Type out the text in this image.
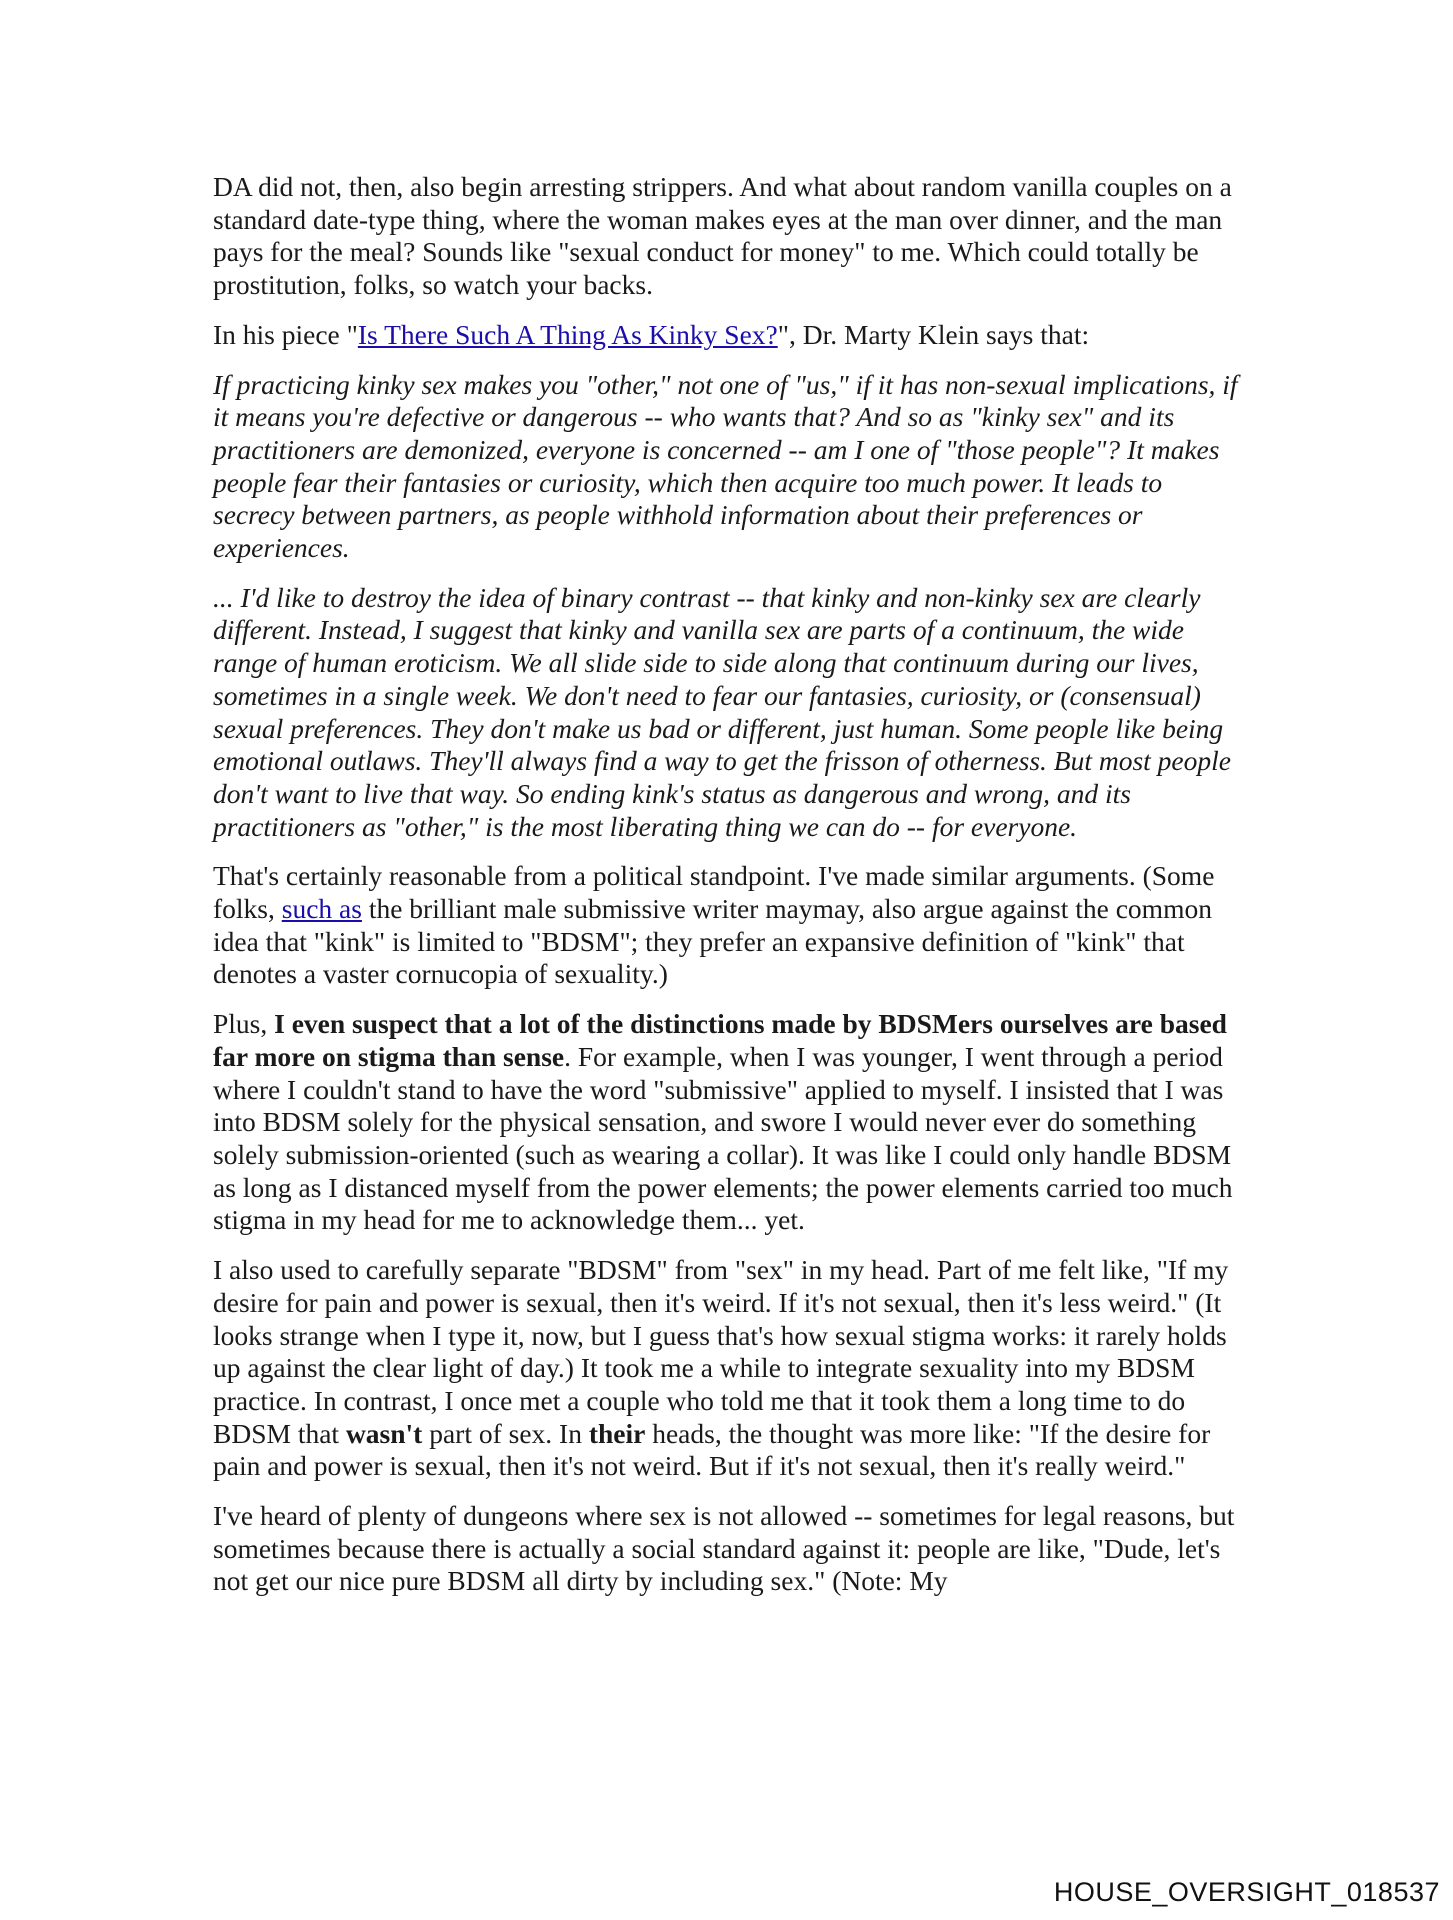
DA did not, then, also begin arresting strippers. And what about random vanilla couples on a standard date-type thing, where the woman makes eyes at the man over dinner, and the man pays for the meal? Sounds like "sexual conduct for money" to me. Which could totally be prostitution, folks, so watch your backs.

In his piece "Is There Such A Thing As Kinky Sex?", Dr. Marty Klein says that:

If practicing kinky sex makes you "other," not one of "us," if it has non-sexual implications, if it means you're defective or dangerous -- who wants that? And so as "kinky sex" and its practitioners are demonized, everyone is concerned -- am I one of "those people"? It makes people fear their fantasies or curiosity, which then acquire too much power. It leads to secrecy between partners, as people withhold information about their preferences or experiences.

... I'd like to destroy the idea of binary contrast -- that kinky and non-kinky sex are clearly different. Instead, I suggest that kinky and vanilla sex are parts of a continuum, the wide range of human eroticism. We all slide side to side along that continuum during our lives, sometimes in a single week. We don't need to fear our fantasies, curiosity, or (consensual) sexual preferences. They don't make us bad or different, just human. Some people like being emotional outlaws. They'll always find a way to get the frisson of otherness. But most people don't want to live that way. So ending kink's status as dangerous and wrong, and its practitioners as "other," is the most liberating thing we can do -- for everyone.

That's certainly reasonable from a political standpoint. I've made similar arguments. (Some folks, such as the brilliant male submissive writer maymay, also argue against the common idea that "kink" is limited to "BDSM"; they prefer an expansive definition of "kink" that denotes a vaster cornucopia of sexuality.)

Plus, I even suspect that a lot of the distinctions made by BDSMers ourselves are based far more on stigma than sense. For example, when I was younger, I went through a period where I couldn't stand to have the word "submissive" applied to myself. I insisted that I was into BDSM solely for the physical sensation, and swore I would never ever do something solely submission-oriented (such as wearing a collar). It was like I could only handle BDSM as long as I distanced myself from the power elements; the power elements carried too much stigma in my head for me to acknowledge them... yet.

I also used to carefully separate "BDSM" from "sex" in my head. Part of me felt like, "If my desire for pain and power is sexual, then it's weird. If it's not sexual, then it's less weird." (It looks strange when I type it, now, but I guess that's how sexual stigma works: it rarely holds up against the clear light of day.) It took me a while to integrate sexuality into my BDSM practice. In contrast, I once met a couple who told me that it took them a long time to do BDSM that wasn't part of sex. In their heads, the thought was more like: "If the desire for pain and power is sexual, then it's not weird. But if it's not sexual, then it's really weird."

I've heard of plenty of dungeons where sex is not allowed -- sometimes for legal reasons, but sometimes because there is actually a social standard against it: people are like, "Dude, let's not get our nice pure BDSM all dirty by including sex." (Note: My

HOUSE_OVERSIGHT_018537
